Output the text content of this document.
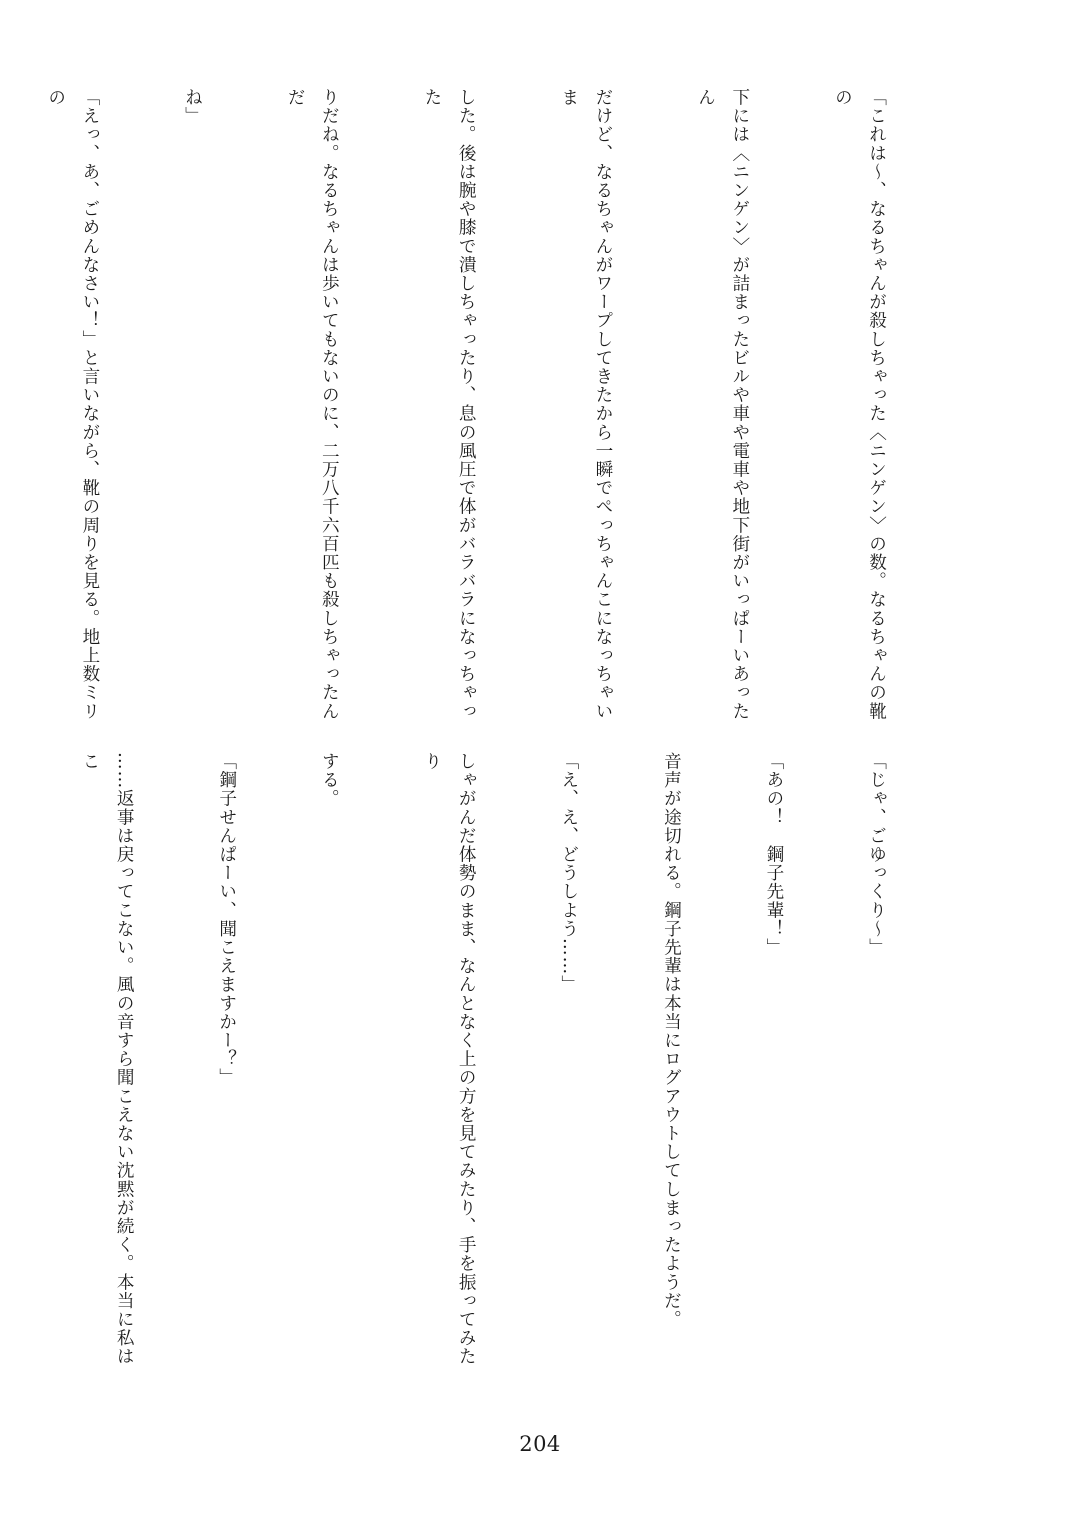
「これは〜、なるちゃんが殺しちゃった〈ニンゲン〉の数。なるちゃんの靴の

下には〈ニンゲン〉が詰まったビルや車や電車や地下街がいっぱーいあったん

だけど、なるちゃんがワープしてきたから一瞬でぺっちゃんこになっちゃいま

した。後は腕や膝で潰しちゃったり、息の風圧で体がバラバラになっちゃった

りだね。なるちゃんは歩いてもないのに、二万八千六百匹も殺しちゃったんだ

ね」

「えっ、あ、ごめんなさい！」と言いながら、靴の周りを見る。地上数ミリの

「じゃ、ごゆっくり〜」

「あの！　鋼子先輩！」

音声が途切れる。鋼子先輩は本当にログアウトしてしまったようだ。

「え、え、どうしよう……」

しゃがんだ体勢のまま、なんとなく上の方を見てみたり、手を振ってみたり

する。

「鋼子せんぱーい、聞こえますかー？」

……返事は戻ってこない。風の音すら聞こえない沈黙が続く。本当に私はこ

204
